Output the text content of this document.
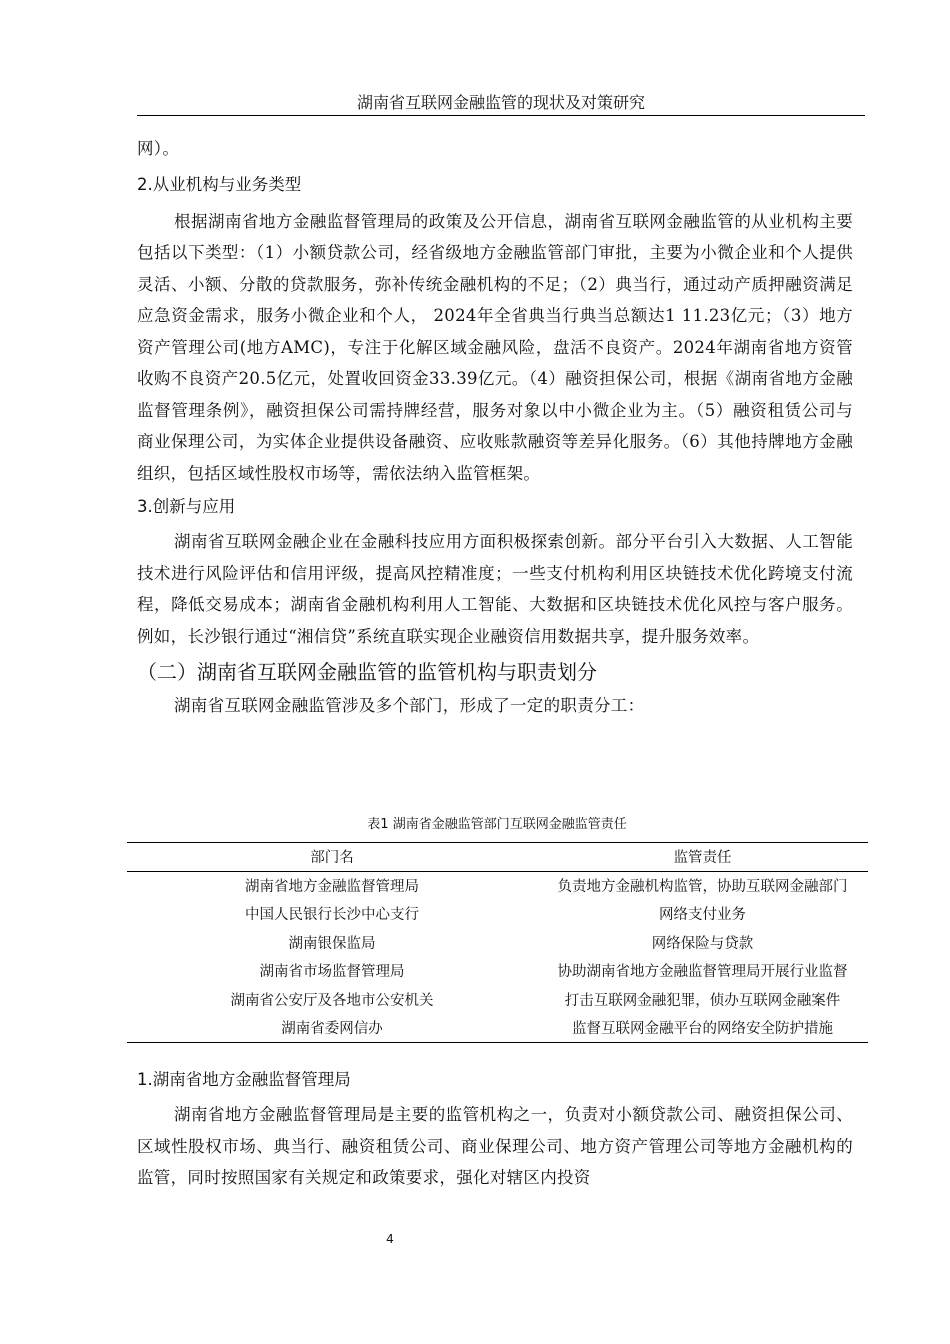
湖南省互联网金融监管的现状及对策研究

网）。

2.从业机构与业务类型

根据湖南省地方金融监督管理局的政策及公开信息，湖南省互联网金融监管的从业机构主要包括以下类型：（1）小额贷款公司，经省级地方金融监管部门审批，主要为小微企业和个人提供灵活、小额、分散的贷款服务，弥补传统金融机构的不足；（2）典当行，通过动产质押融资满足应急资金需求，服务小微企业和个人， 2024年全省典当行典当总额达1 11.23亿元；（3）地方资产管理公司(地方AMC)，专注于化解区域金融风险，盘活不良资产。2024年湖南省地方资管收购不良资产20.5亿元，处置收回资金33.39亿元。（4）融资担保公司，根据《湖南省地方金融监督管理条例》，融资担保公司需持牌经营，服务对象以中小微企业为主。（5）融资租赁公司与商业保理公司，为实体企业提供设备融资、应收账款融资等差异化服务。（6）其他持牌地方金融组织，包括区域性股权市场等，需依法纳入监管框架。

3.创新与应用

湖南省互联网金融企业在金融科技应用方面积极探索创新。部分平台引入大数据、人工智能技术进行风险评估和信用评级，提高风控精准度；一些支付机构利用区块链技术优化跨境支付流程，降低交易成本；湖南省金融机构利用人工智能、大数据和区块链技术优化风控与客户服务。例如，长沙银行通过“湘信贷”系统直联实现企业融资信用数据共享，提升服务效率。

（二）湖南省互联网金融监管的监管机构与职责划分

湖南省互联网金融监管涉及多个部门，形成了一定的职责分工：

表1 湖南省金融监管部门互联网金融监管责任
部门名	监管责任
湖南省地方金融监督管理局	负责地方金融机构监管，协助互联网金融部门
中国人民银行长沙中心支行	网络支付业务
湖南银保监局	网络保险与贷款
湖南省市场监督管理局	协助湖南省地方金融监督管理局开展行业监督
湖南省公安厅及各地市公安机关	打击互联网金融犯罪，侦办互联网金融案件
湖南省委网信办	监督互联网金融平台的网络安全防护措施

1.湖南省地方金融监督管理局

湖南省地方金融监督管理局是主要的监管机构之一，负责对小额贷款公司、融资担保公司、区域性股权市场、典当行、融资租赁公司、商业保理公司、地方资产管理公司等地方金融机构的监管，同时按照国家有关规定和政策要求，强化对辖区内投资

4
